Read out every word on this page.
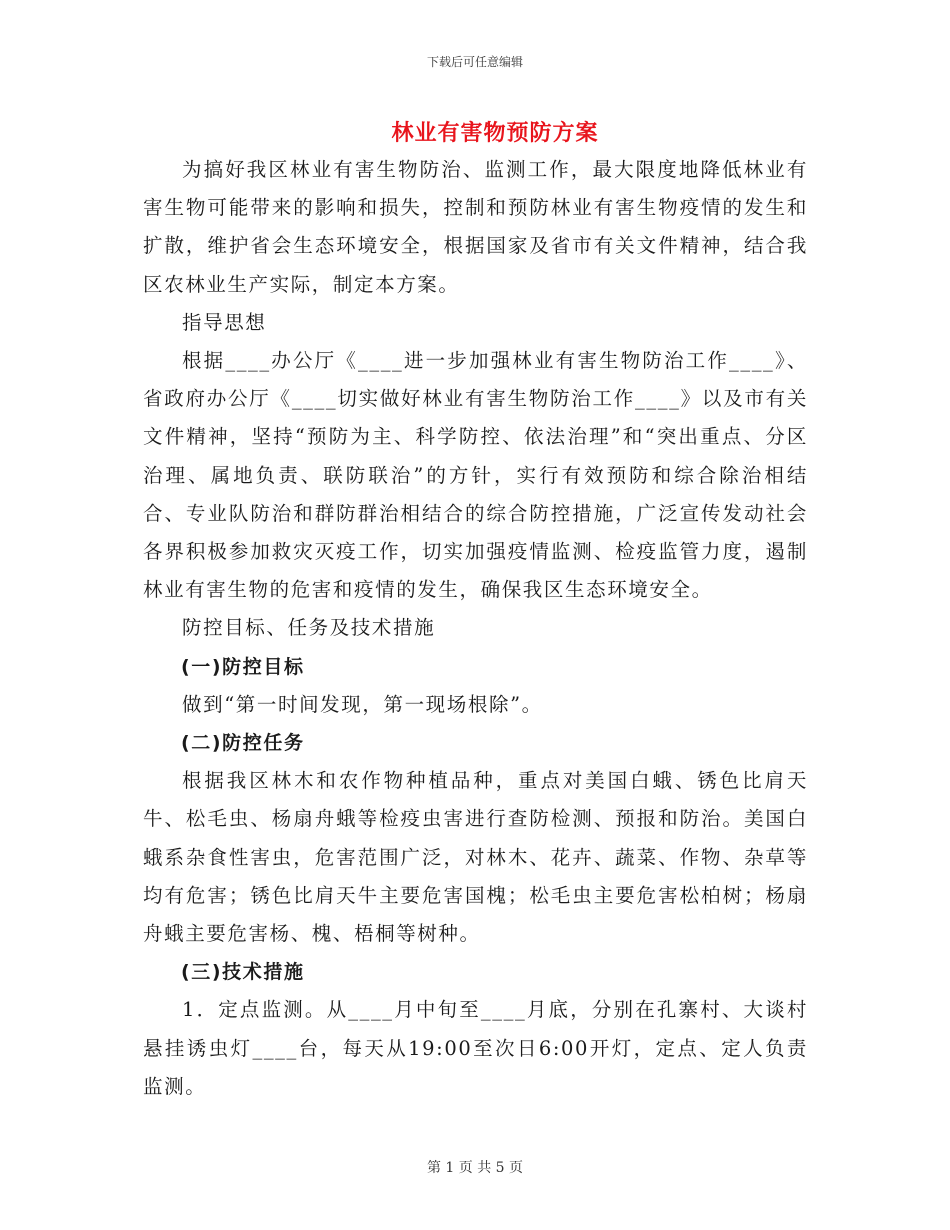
下载后可任意编辑
林业有害物预防方案

为搞好我区林业有害生物防治、监测工作，最大限度地降低林业有害生物可能带来的影响和损失，控制和预防林业有害生物疫情的发生和扩散，维护省会生态环境安全，根据国家及省市有关文件精神，结合我区农林业生产实际，制定本方案。

指导思想

根据____办公厅《____进一步加强林业有害生物防治工作____》、省政府办公厅《____切实做好林业有害生物防治工作____》以及市有关文件精神，坚持“预防为主、科学防控、依法治理”和“突出重点、分区治理、属地负责、联防联治”的方针，实行有效预防和综合除治相结合、专业队防治和群防群治相结合的综合防控措施，广泛宣传发动社会各界积极参加救灾灭疫工作，切实加强疫情监测、检疫监管力度，遏制林业有害生物的危害和疫情的发生，确保我区生态环境安全。

防控目标、任务及技术措施

(一)防控目标

做到“第一时间发现，第一现场根除”。

(二)防控任务

根据我区林木和农作物种植品种，重点对美国白蛾、锈色比肩天牛、松毛虫、杨扇舟蛾等检疫虫害进行查防检测、预报和防治。美国白蛾系杂食性害虫，危害范围广泛，对林木、花卉、蔬菜、作物、杂草等均有危害；锈色比肩天牛主要危害国槐；松毛虫主要危害松柏树；杨扇舟蛾主要危害杨、槐、梧桐等树种。

(三)技术措施

1．定点监测。从____月中旬至____月底，分别在孔寨村、大谈村悬挂诱虫灯____台，每天从19:00至次日6:00开灯，定点、定人负责监测。

第 1 页 共 5 页
